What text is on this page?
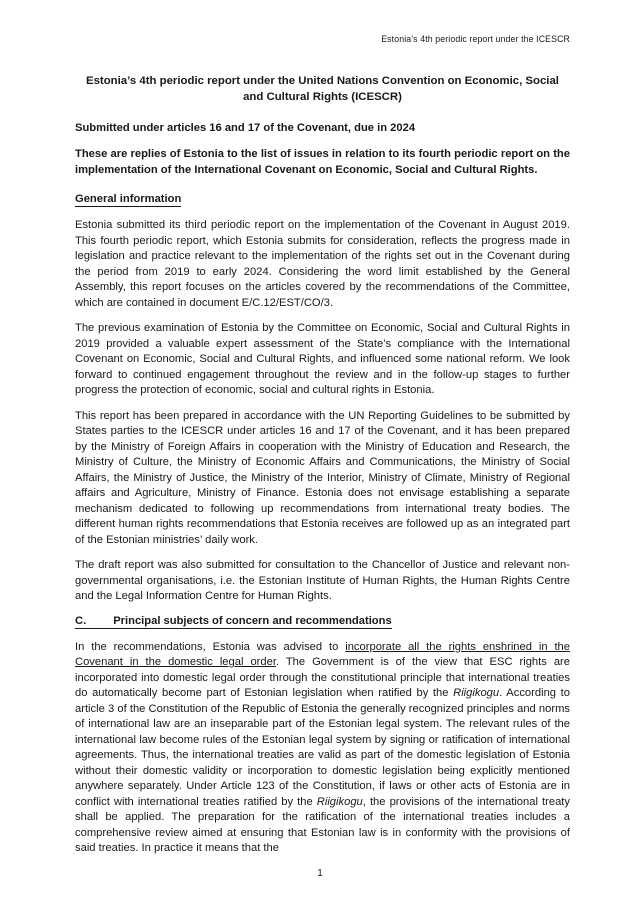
Estonia’s 4th periodic report under the ICESCR
Estonia’s 4th periodic report under the United Nations Convention on Economic, Social and Cultural Rights (ICESCR)

Submitted under articles 16 and 17 of the Covenant, due in 2024

These are replies of Estonia to the list of issues in relation to its fourth periodic report on the implementation of the International Covenant on Economic, Social and Cultural Rights.

General information

Estonia submitted its third periodic report on the implementation of the Covenant in August 2019. This fourth periodic report, which Estonia submits for consideration, reflects the progress made in legislation and practice relevant to the implementation of the rights set out in the Covenant during the period from 2019 to early 2024. Considering the word limit established by the General Assembly, this report focuses on the articles covered by the recommendations of the Committee, which are contained in document E/C.12/EST/CO/3.

The previous examination of Estonia by the Committee on Economic, Social and Cultural Rights in 2019 provided a valuable expert assessment of the State’s compliance with the International Covenant on Economic, Social and Cultural Rights, and influenced some national reform. We look forward to continued engagement throughout the review and in the follow-up stages to further progress the protection of economic, social and cultural rights in Estonia.

This report has been prepared in accordance with the UN Reporting Guidelines to be submitted by States parties to the ICESCR under articles 16 and 17 of the Covenant, and it has been prepared by the Ministry of Foreign Affairs in cooperation with the Ministry of Education and Research, the Ministry of Culture, the Ministry of Economic Affairs and Communications, the Ministry of Social Affairs, the Ministry of Justice, the Ministry of the Interior, Ministry of Climate, Ministry of Regional affairs and Agriculture, Ministry of Finance. Estonia does not envisage establishing a separate mechanism dedicated to following up recommendations from international treaty bodies. The different human rights recommendations that Estonia receives are followed up as an integrated part of the Estonian ministries’ daily work.

The draft report was also submitted for consultation to the Chancellor of Justice and relevant non-governmental organisations, i.e. the Estonian Institute of Human Rights, the Human Rights Centre and the Legal Information Centre for Human Rights.

C. Principal subjects of concern and recommendations

In the recommendations, Estonia was advised to incorporate all the rights enshrined in the Covenant in the domestic legal order. The Government is of the view that ESC rights are incorporated into domestic legal order through the constitutional principle that international treaties do automatically become part of Estonian legislation when ratified by the Riigikogu. According to article 3 of the Constitution of the Republic of Estonia the generally recognized principles and norms of international law are an inseparable part of the Estonian legal system. The relevant rules of the international law become rules of the Estonian legal system by signing or ratification of international agreements. Thus, the international treaties are valid as part of the domestic legislation of Estonia without their domestic validity or incorporation to domestic legislation being explicitly mentioned anywhere separately. Under Article 123 of the Constitution, if laws or other acts of Estonia are in conflict with international treaties ratified by the Riigikogu, the provisions of the international treaty shall be applied. The preparation for the ratification of the international treaties includes a comprehensive review aimed at ensuring that Estonian law is in conformity with the provisions of said treaties. In practice it means that the

1
